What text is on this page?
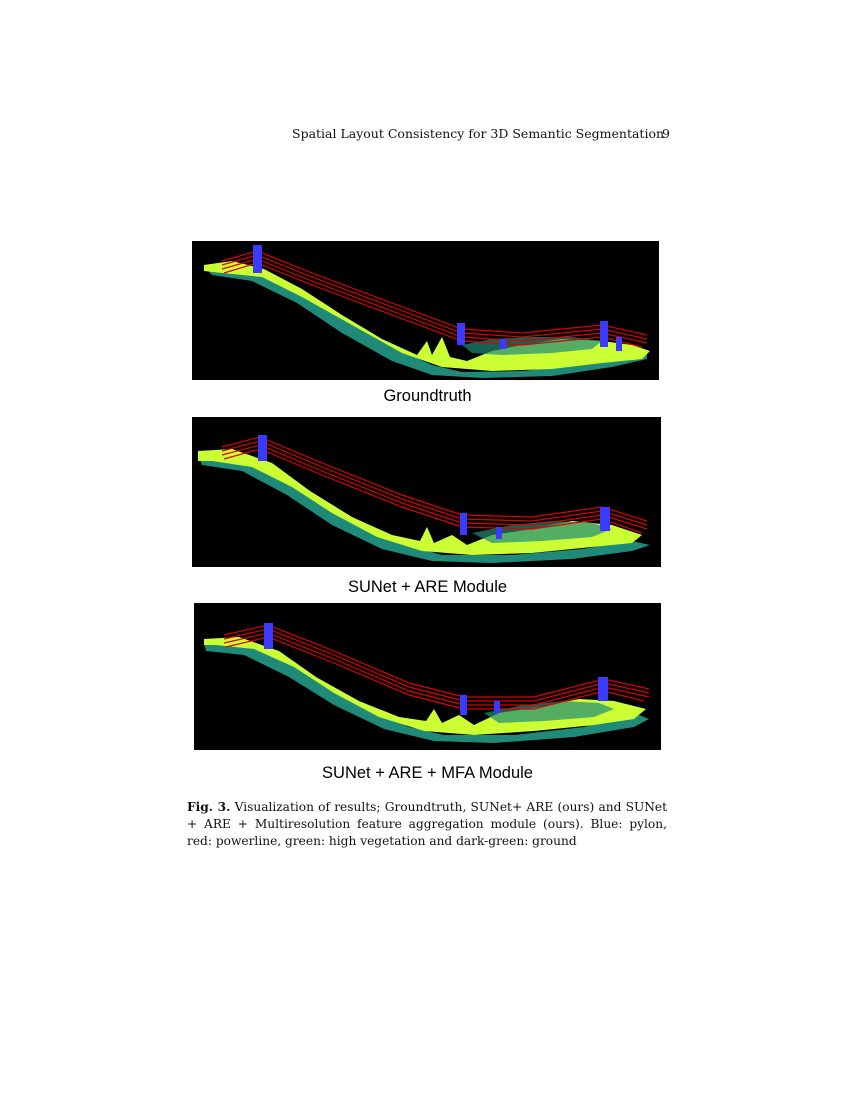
Spatial Layout Consistency for 3D Semantic Segmentation
9
Groundtruth
SUNet + ARE Module
SUNet + ARE + MFA Module
Fig. 3. Visualization of results; Groundtruth, SUNet+ ARE (ours) and SUNet + ARE + Multiresolution feature aggregation module (ours). Blue: pylon, red: powerline, green: high vegetation and dark-green: ground
